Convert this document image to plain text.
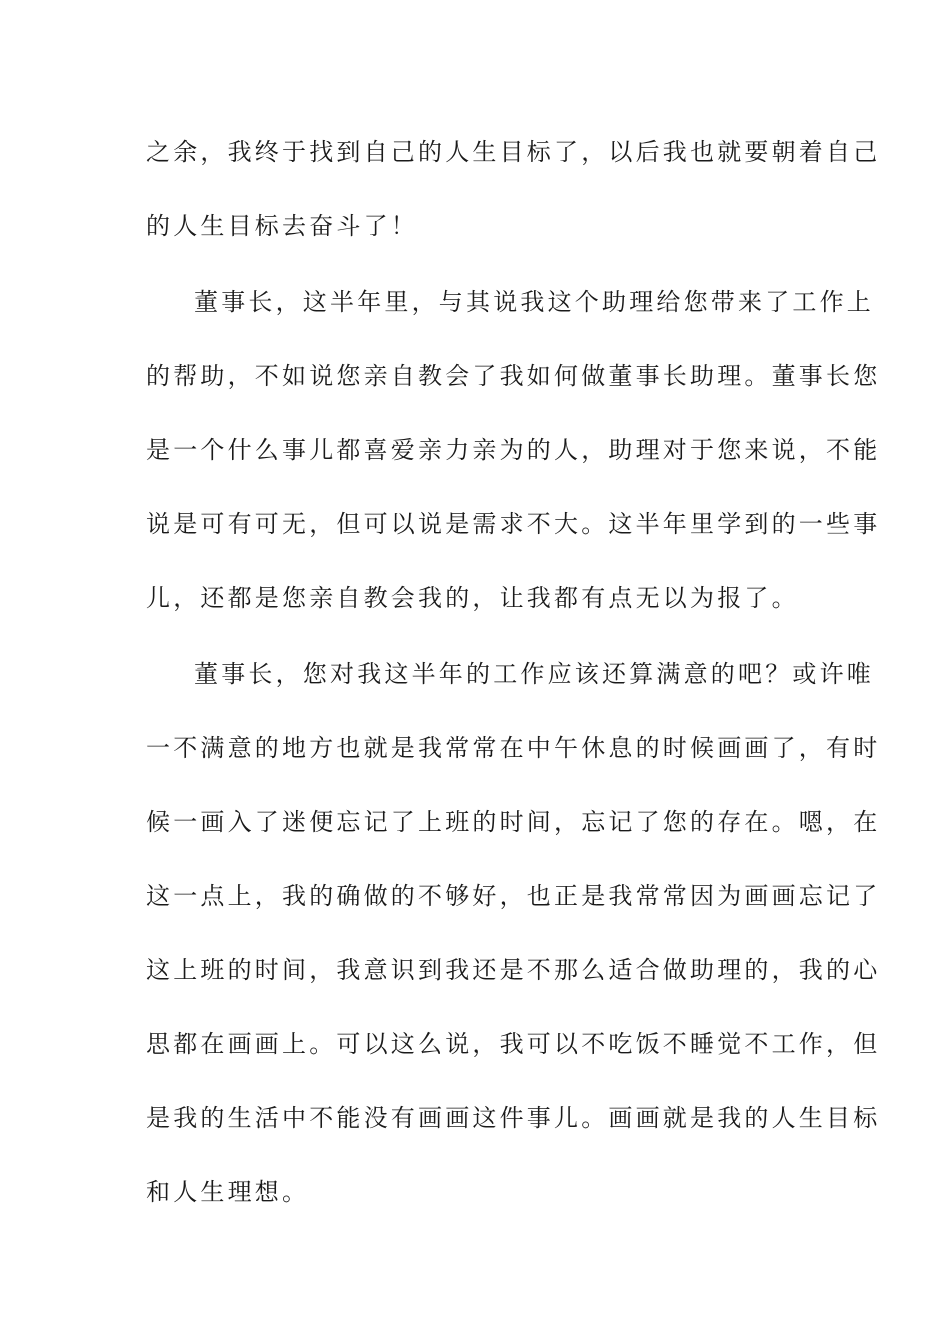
之余，我终于找到自己的人生目标了，以后我也就要朝着自己
的人生目标去奋斗了！
董事长，这半年里，与其说我这个助理给您带来了工作上
的帮助，不如说您亲自教会了我如何做董事长助理。董事长您
是一个什么事儿都喜爱亲力亲为的人，助理对于您来说，不能
说是可有可无，但可以说是需求不大。这半年里学到的一些事
儿，还都是您亲自教会我的，让我都有点无以为报了。
董事长，您对我这半年的工作应该还算满意的吧？或许唯
一不满意的地方也就是我常常在中午休息的时候画画了，有时
候一画入了迷便忘记了上班的时间，忘记了您的存在。嗯，在
这一点上，我的确做的不够好，也正是我常常因为画画忘记了
这上班的时间，我意识到我还是不那么适合做助理的，我的心
思都在画画上。可以这么说，我可以不吃饭不睡觉不工作，但
是我的生活中不能没有画画这件事儿。画画就是我的人生目标
和人生理想。
